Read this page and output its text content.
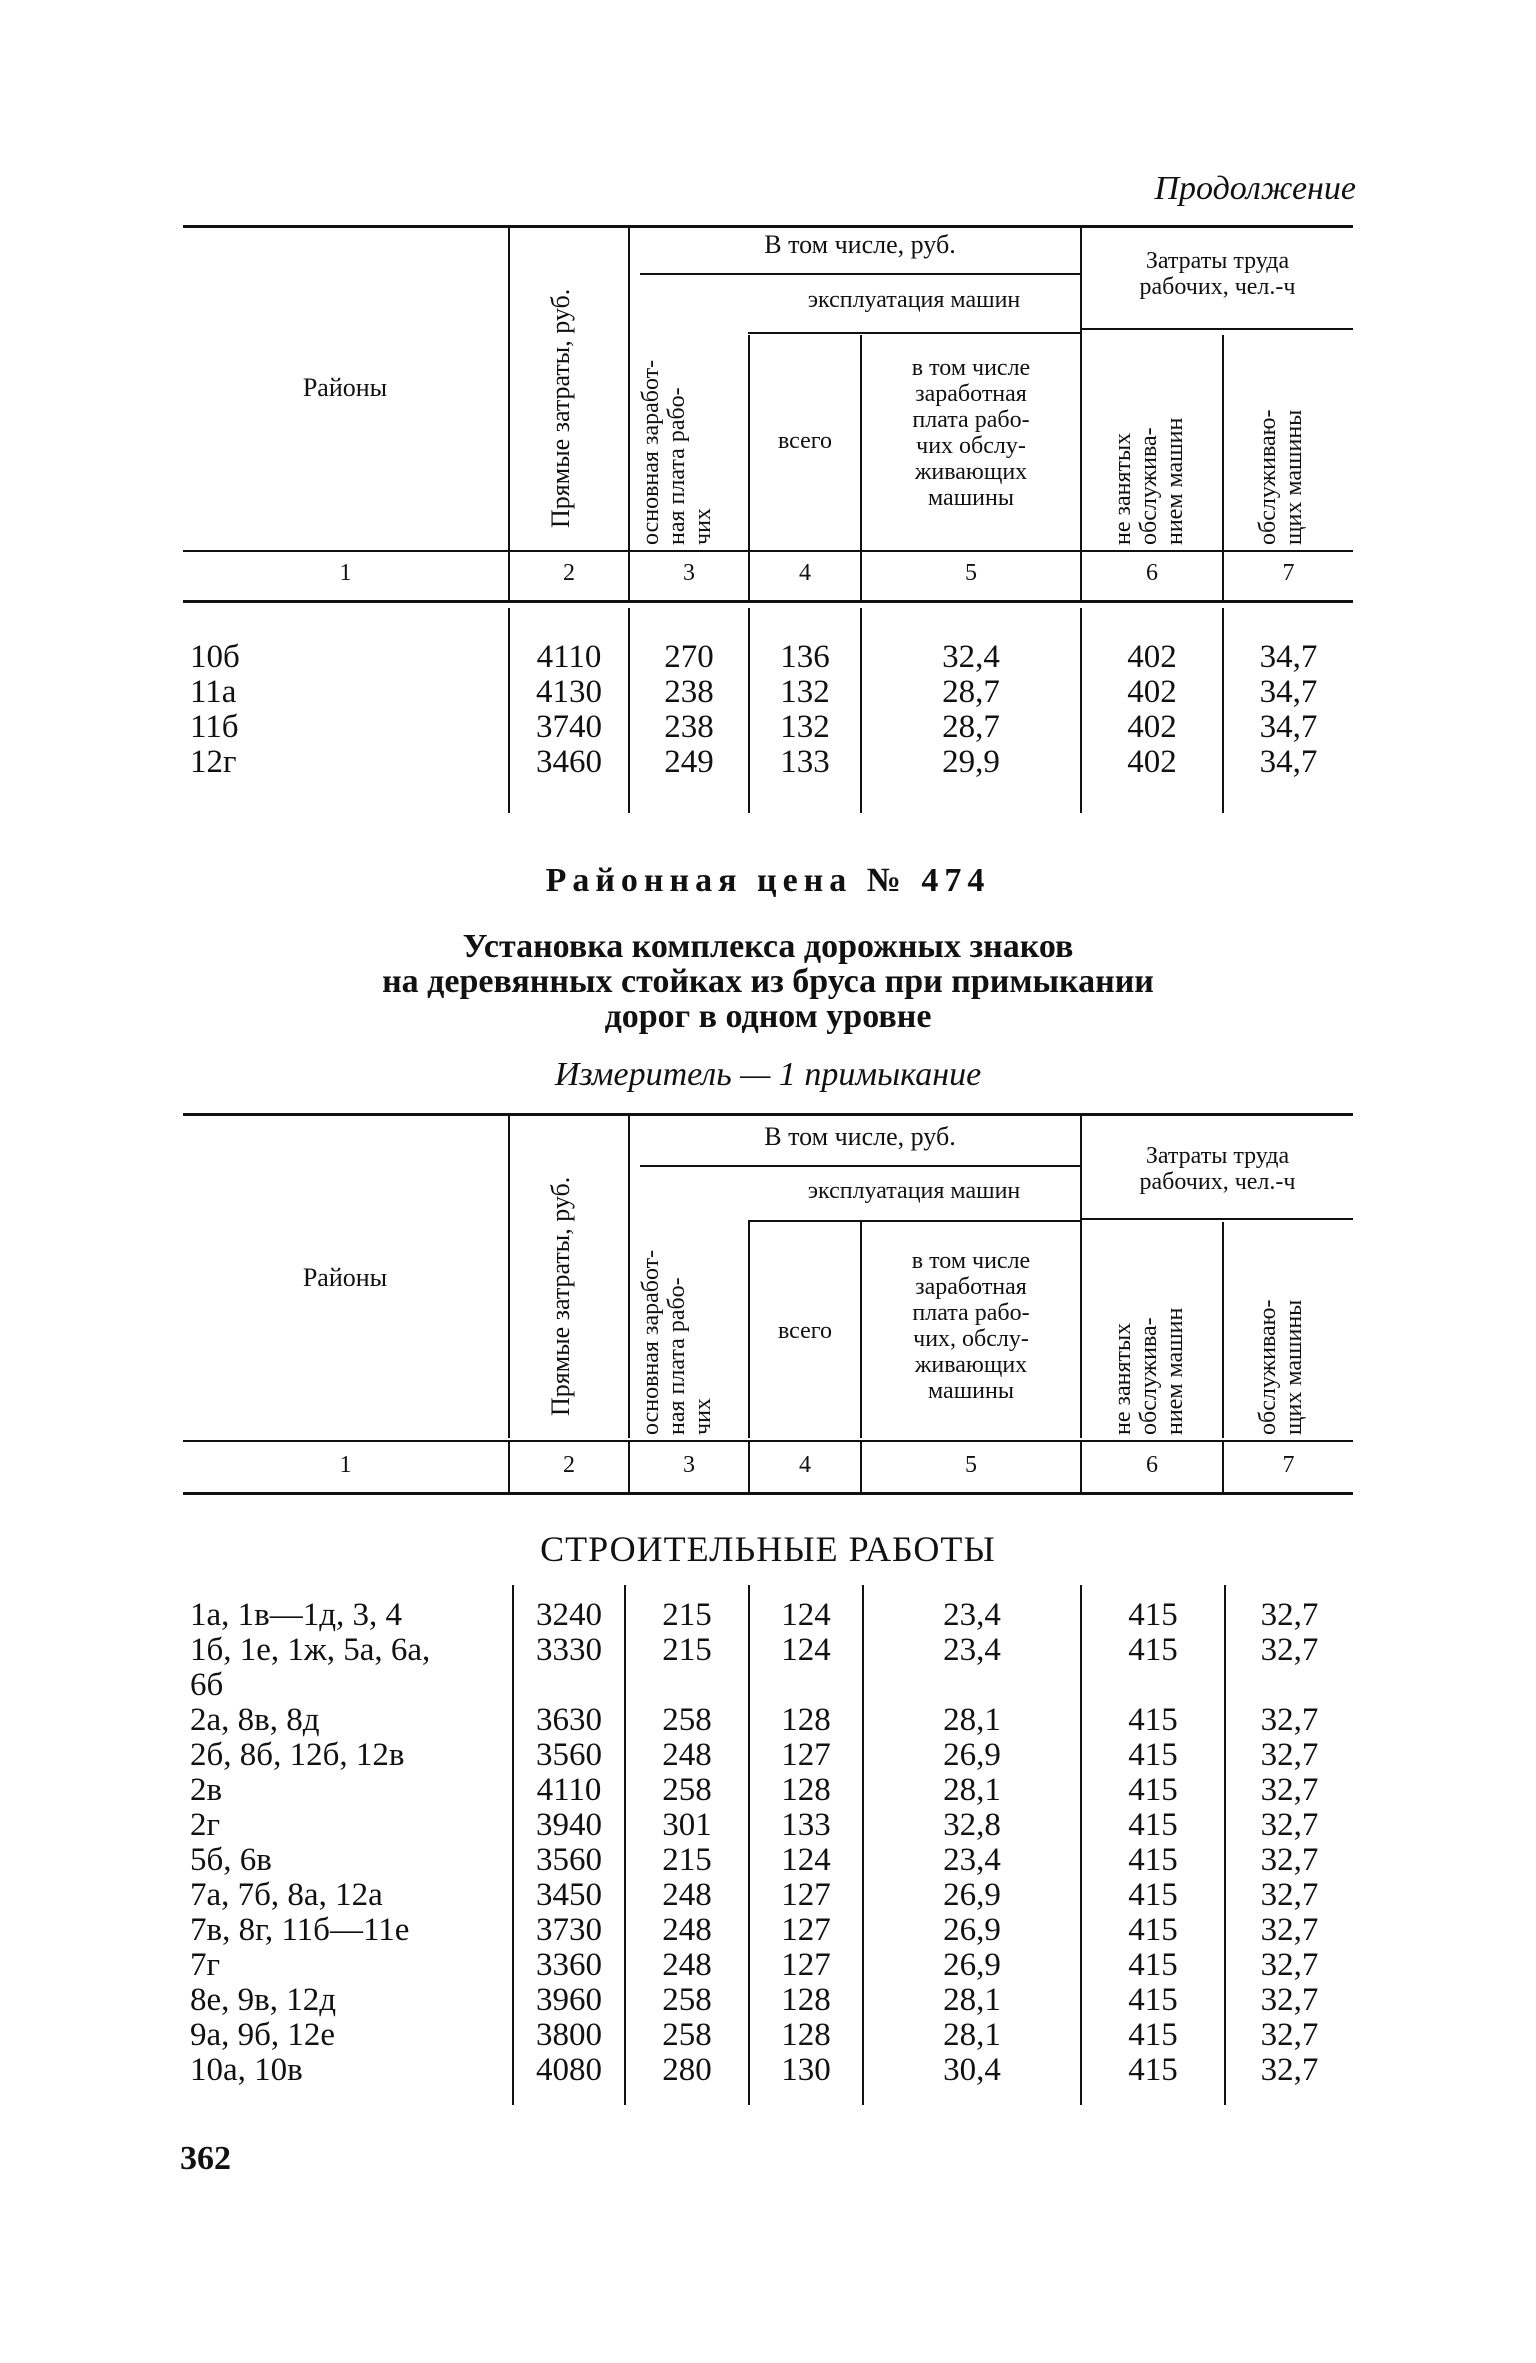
Продолжение
Районы	Прямые затраты, руб.
В том числе, руб.
основная заработ-
ная плата рабо-
чих
эксплуатация машин
всего
в том числе
заработная
плата рабо-
чих обслу-
живающих
машины
Затраты труда
рабочих, чел.-ч
не занятых
обслужива-
нием машин	обслуживаю-
щих машины
1	2	3	4	5	6	7
10б	4110	270	136	32,4	402	34,7
11а	4130	238	132	28,7	402	34,7
11б	3740	238	132	28,7	402	34,7
12г	3460	249	133	29,9	402	34,7
Районная цена № 474
Установка комплекса дорожных знаков
на деревянных стойках из бруса при примыкании
дорог в одном уровне
Измеритель — 1 примыкание
Районы	Прямые затраты, руб.
В том числе, руб.
основная заработ-
ная плата рабо-
чих
эксплуатация машин
всего
в том числе
заработная
плата рабо-
чих, обслу-
живающих
машины
Затраты труда
рабочих, чел.-ч
не занятых
обслужива-
нием машин	обслуживаю-
щих машины
1	2	3	4	5	6	7
СТРОИТЕЛЬНЫЕ РАБОТЫ
1а, 1в—1д, 3, 4	3240	215	124	23,4	415	32,7
1б, 1е, 1ж, 5а, 6а,
6б
3330	215	124	23,4	415	32,7
2а, 8в, 8д	3630	258	128	28,1	415	32,7
2б, 8б, 12б, 12в	3560	248	127	26,9	415	32,7
2в	4110	258	128	28,1	415	32,7
2г	3940	301	133	32,8	415	32,7
5б, 6в	3560	215	124	23,4	415	32,7
7а, 7б, 8а, 12а	3450	248	127	26,9	415	32,7
7в, 8г, 11б—11е	3730	248	127	26,9	415	32,7
7г	3360	248	127	26,9	415	32,7
8е, 9в, 12д	3960	258	128	28,1	415	32,7
9а, 9б, 12е	3800	258	128	28,1	415	32,7
10а, 10в	4080	280	130	30,4	415	32,7
362
